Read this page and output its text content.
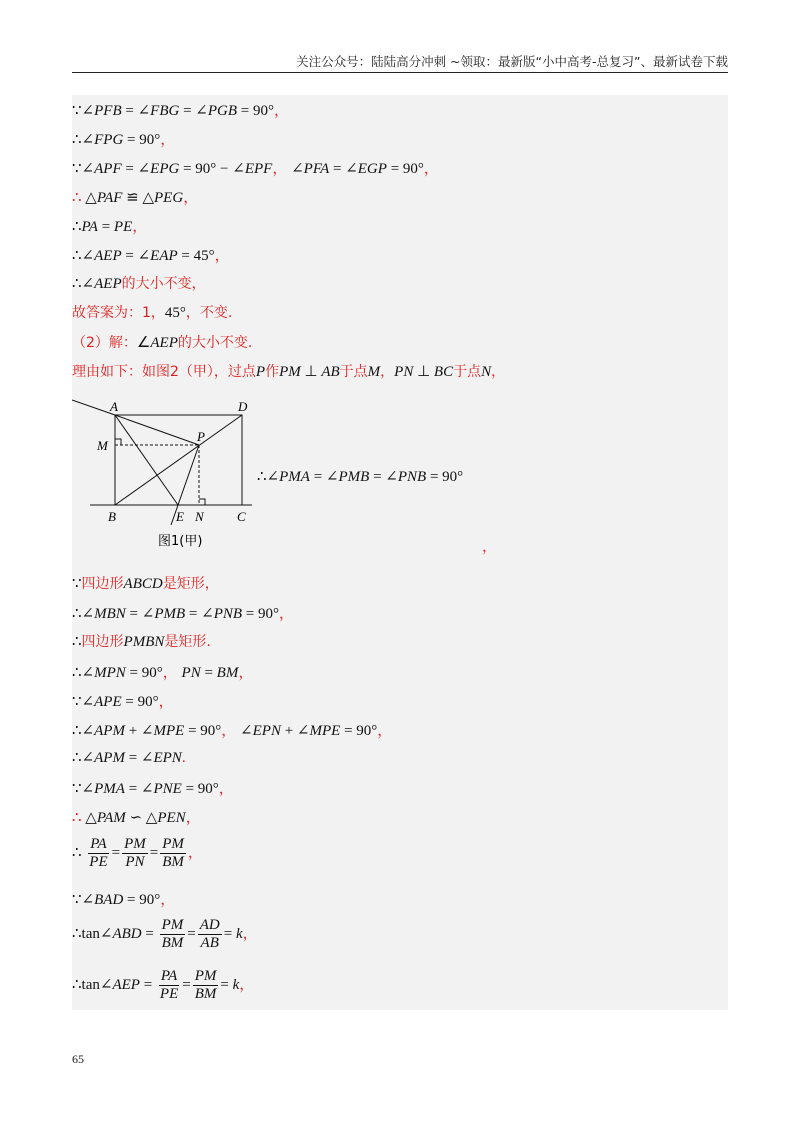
关注公众号：陆陆高分冲刺 ~领取：最新版“小中高考-总复习”、最新试卷下载
∵∠PFB = ∠FBG = ∠PGB = 90°，
∴∠FPG = 90°，
∵∠APF = ∠EPG = 90° − ∠EPF， ∠PFA = ∠EGP = 90°，
∴ △PAF ≌ △PEG，
∴PA = PE，
∴∠AEP = ∠EAP = 45°，
∴∠AEP的大小不变，
故答案为：1，45°，不变.
（2）解：∠AEP的大小不变.
理由如下：如图2（甲），过点P作PM ⊥ AB于点M，PN ⊥ BC于点N，
A	D
M
P
B	E N	C
图1(甲)
∴∠PMA = ∠PMB = ∠PNB = 90°
，
∵四边形ABCD是矩形，
∴∠MBN = ∠PMB = ∠PNB = 90°，
∴四边形PMBN是矩形.
∴∠MPN = 90°， PN = BM，
∵∠APE = 90°，
∴∠APM + ∠MPE = 90°， ∠EPN + ∠MPE = 90°，
∴∠APM = ∠EPN.
∵∠PMA = ∠PNE = 90°，
∴ △PAM ∽ △PEN，
∴ $\frac{PA}{PE} = \frac{PM}{PN} = \frac{PM}{BM}$ ，
∵∠BAD = 90°，
∴tan∠ABD = $\frac{PM}{BM} = \frac{AD}{AB} = k$，
∴tan∠AEP = $\frac{PA}{PE} = \frac{PM}{BM} = k$，
65
